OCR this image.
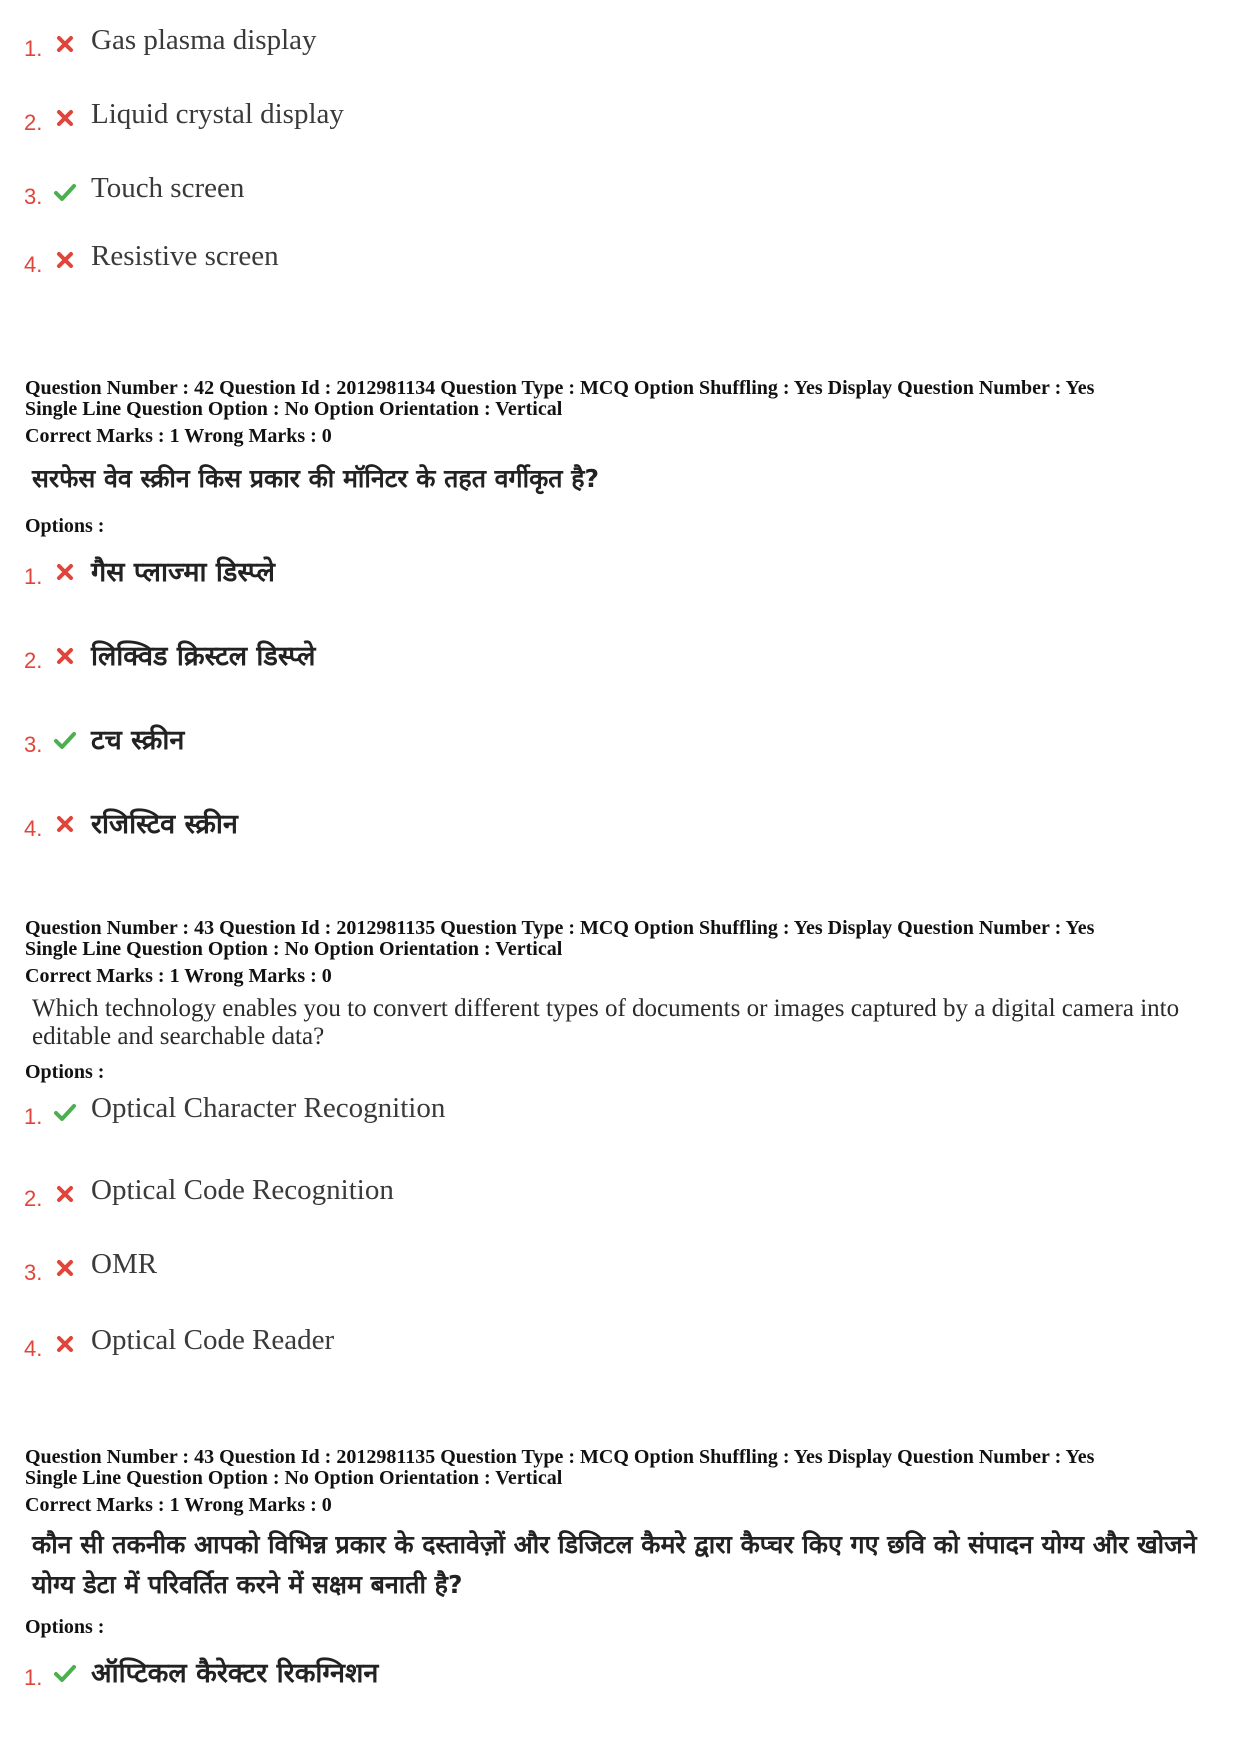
1. Gas plasma display
2. Liquid crystal display
3. Touch screen
4. Resistive screen
Question Number : 42 Question Id : 2012981134 Question Type : MCQ Option Shuffling : Yes Display Question Number : Yes
Single Line Question Option : No Option Orientation : Vertical
Correct Marks : 1 Wrong Marks : 0
सरफेस वेव स्क्रीन किस प्रकार की मॉनिटर के तहत वर्गीकृत है?
Options :
1. गैस प्लाज्मा डिस्प्ले
2. लिक्विड क्रिस्टल डिस्प्ले
3. टच स्क्रीन
4. रजिस्टिव स्क्रीन
Question Number : 43 Question Id : 2012981135 Question Type : MCQ Option Shuffling : Yes Display Question Number : Yes
Single Line Question Option : No Option Orientation : Vertical
Correct Marks : 1 Wrong Marks : 0
Which technology enables you to convert different types of documents or images captured by a digital camera into editable and searchable data?
Options :
1. Optical Character Recognition
2. Optical Code Recognition
3. OMR
4. Optical Code Reader
Question Number : 43 Question Id : 2012981135 Question Type : MCQ Option Shuffling : Yes Display Question Number : Yes
Single Line Question Option : No Option Orientation : Vertical
Correct Marks : 1 Wrong Marks : 0
कौन सी तकनीक आपको विभिन्न प्रकार के दस्तावेज़ों और डिजिटल कैमरे द्वारा कैप्चर किए गए छवि को संपादन योग्य और खोजने योग्य डेटा में परिवर्तित करने में सक्षम बनाती है?
Options :
1. ऑप्टिकल कैरेक्टर रिकग्निशन
